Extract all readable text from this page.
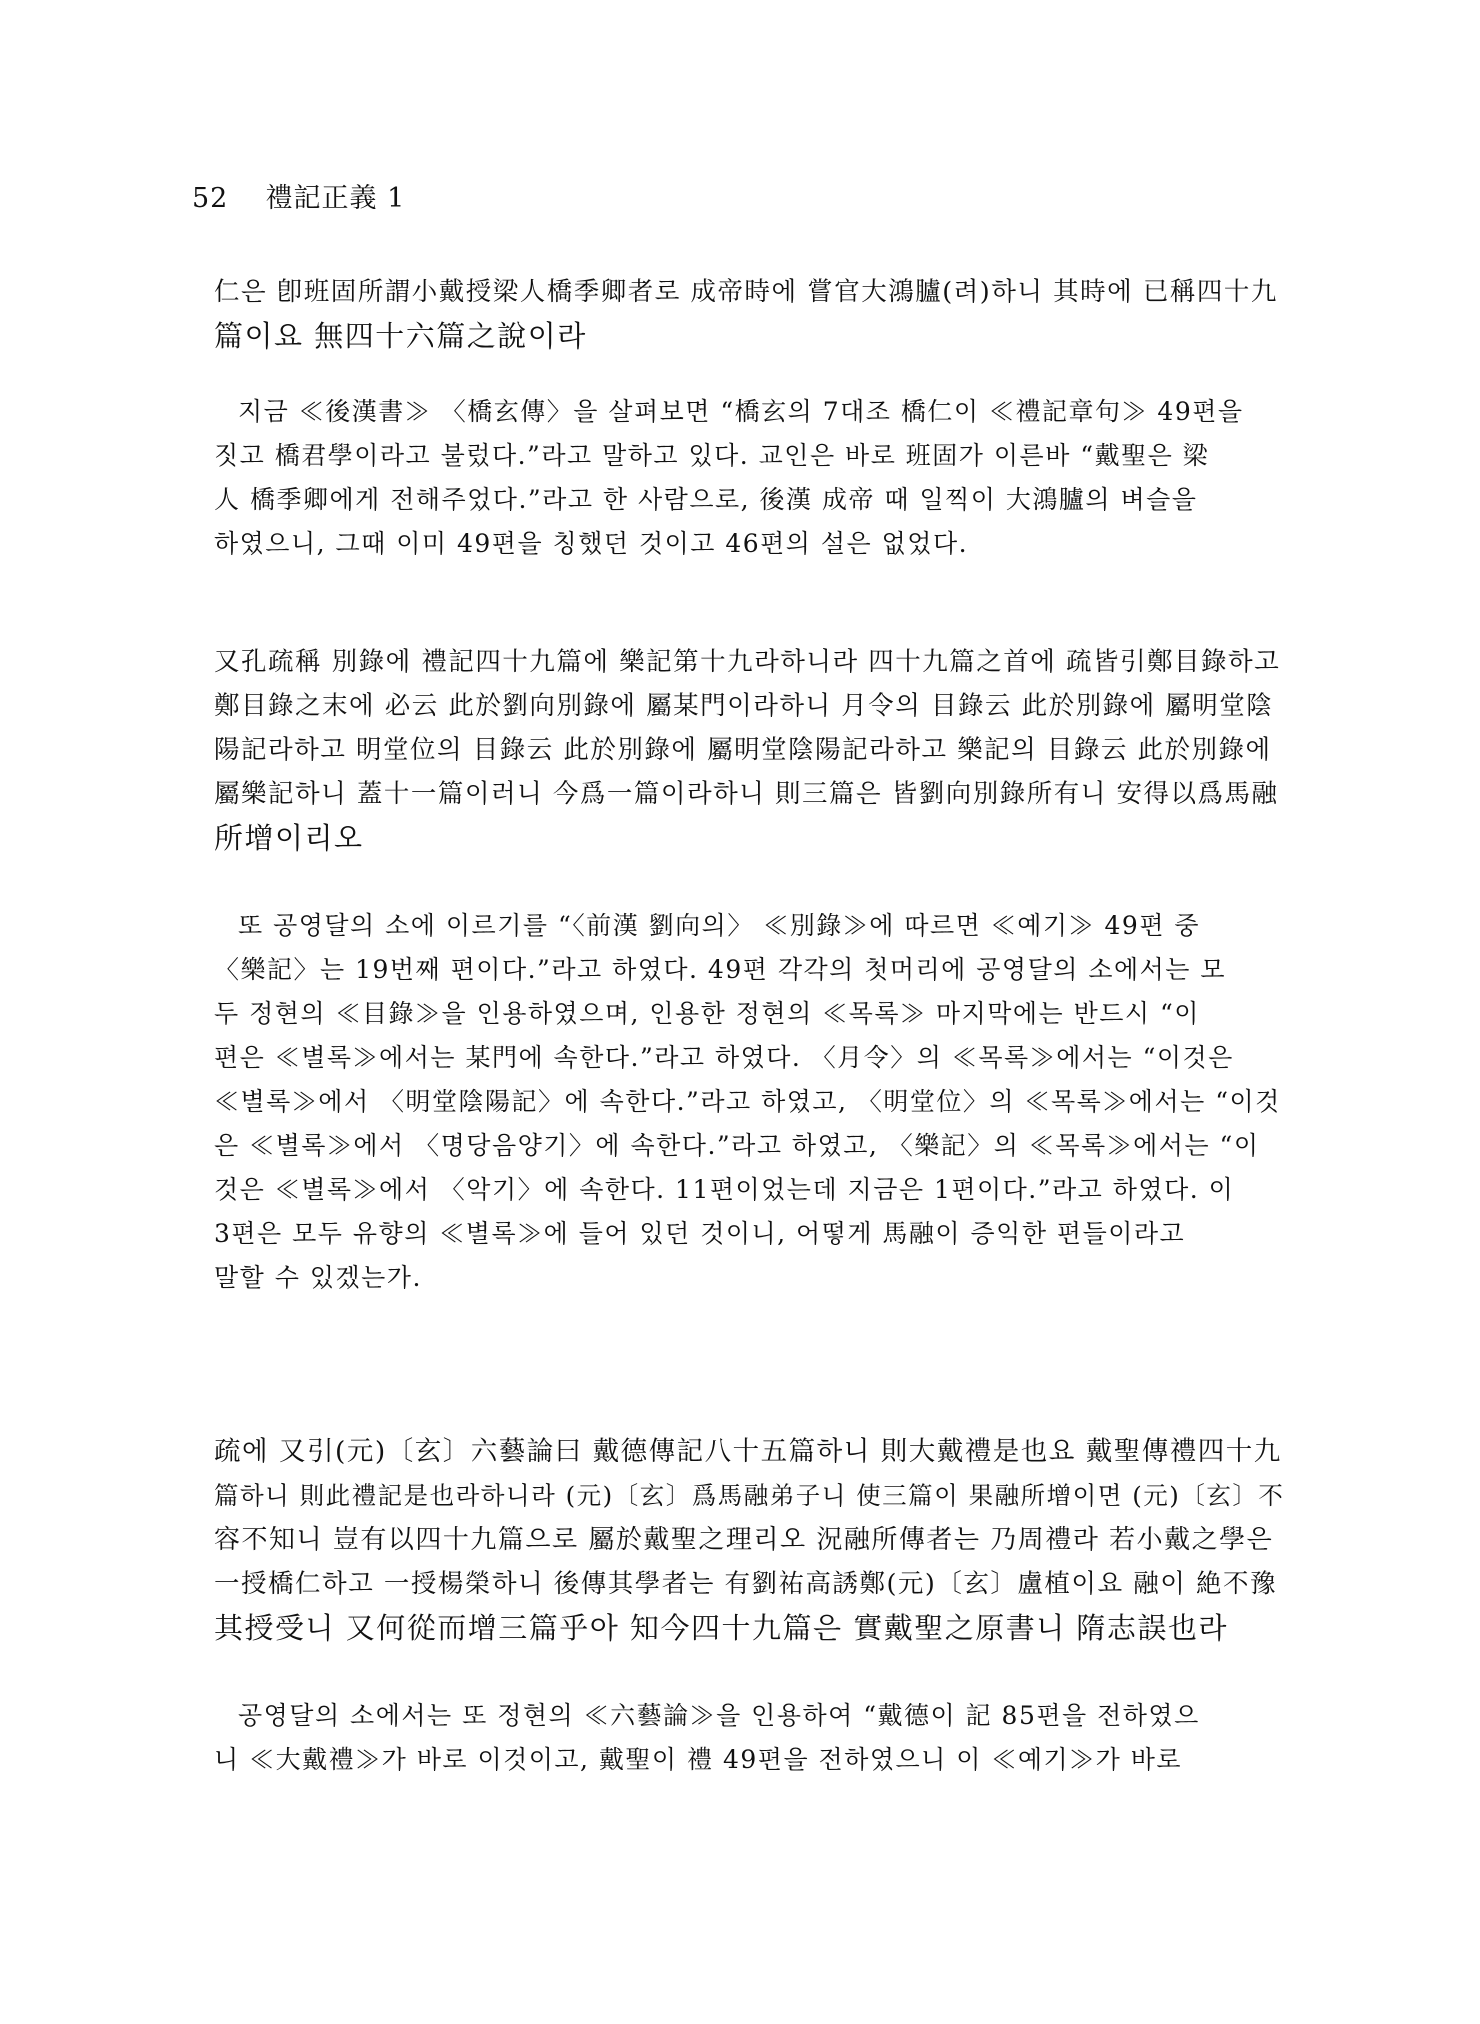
52 禮記正義 1
仁은 卽班固所謂小戴授梁人橋季卿者로 成帝時에 嘗官大鴻臚(려)하니 其時에 已稱四十九
篇이요 無四十六篇之說이라
지금 ≪後漢書≫ 〈橋玄傳〉을 살펴보면 “橋玄의 7대조 橋仁이 ≪禮記章句≫ 49편을
짓고 橋君學이라고 불렀다.”라고 말하고 있다. 교인은 바로 班固가 이른바 “戴聖은 梁
人 橋季卿에게 전해주었다.”라고 한 사람으로, 後漢 成帝 때 일찍이 大鴻臚의 벼슬을
하였으니, 그때 이미 49편을 칭했던 것이고 46편의 설은 없었다.
又孔疏稱 別錄에 禮記四十九篇에 樂記第十九라하니라 四十九篇之首에 疏皆引鄭目錄하고
鄭目錄之末에 必云 此於劉向別錄에 屬某門이라하니 月令의 目錄云 此於別錄에 屬明堂陰
陽記라하고 明堂位의 目錄云 此於別錄에 屬明堂陰陽記라하고 樂記의 目錄云 此於別錄에
屬樂記하니 蓋十一篇이러니 今爲一篇이라하니 則三篇은 皆劉向別錄所有니 安得以爲馬融
所增이리오
또 공영달의 소에 이르기를 “〈前漢 劉向의〉 ≪別錄≫에 따르면 ≪예기≫ 49편 중
〈樂記〉는 19번째 편이다.”라고 하였다. 49편 각각의 첫머리에 공영달의 소에서는 모
두 정현의 ≪目錄≫을 인용하였으며, 인용한 정현의 ≪목록≫ 마지막에는 반드시 “이
편은 ≪별록≫에서는 某門에 속한다.”라고 하였다. 〈月令〉의 ≪목록≫에서는 “이것은
≪별록≫에서 〈明堂陰陽記〉에 속한다.”라고 하였고, 〈明堂位〉의 ≪목록≫에서는 “이것
은 ≪별록≫에서 〈명당음양기〉에 속한다.”라고 하였고, 〈樂記〉의 ≪목록≫에서는 “이
것은 ≪별록≫에서 〈악기〉에 속한다. 11편이었는데 지금은 1편이다.”라고 하였다. 이
3편은 모두 유향의 ≪별록≫에 들어 있던 것이니, 어떻게 馬融이 증익한 편들이라고
말할 수 있겠는가.
疏에 又引(元)〔玄〕六藝論曰 戴德傳記八十五篇하니 則大戴禮是也요 戴聖傳禮四十九
篇하니 則此禮記是也라하니라 (元)〔玄〕爲馬融弟子니 使三篇이 果融所增이면 (元)〔玄〕不
容不知니 豈有以四十九篇으로 屬於戴聖之理리오 況融所傳者는 乃周禮라 若小戴之學은
一授橋仁하고 一授楊榮하니 後傳其學者는 有劉祐高誘鄭(元)〔玄〕盧植이요 融이 絶不豫
其授受니 又何從而增三篇乎아 知今四十九篇은 實戴聖之原書니 隋志誤也라
공영달의 소에서는 또 정현의 ≪六藝論≫을 인용하여 “戴德이 記 85편을 전하였으
니 ≪大戴禮≫가 바로 이것이고, 戴聖이 禮 49편을 전하였으니 이 ≪예기≫가 바로
